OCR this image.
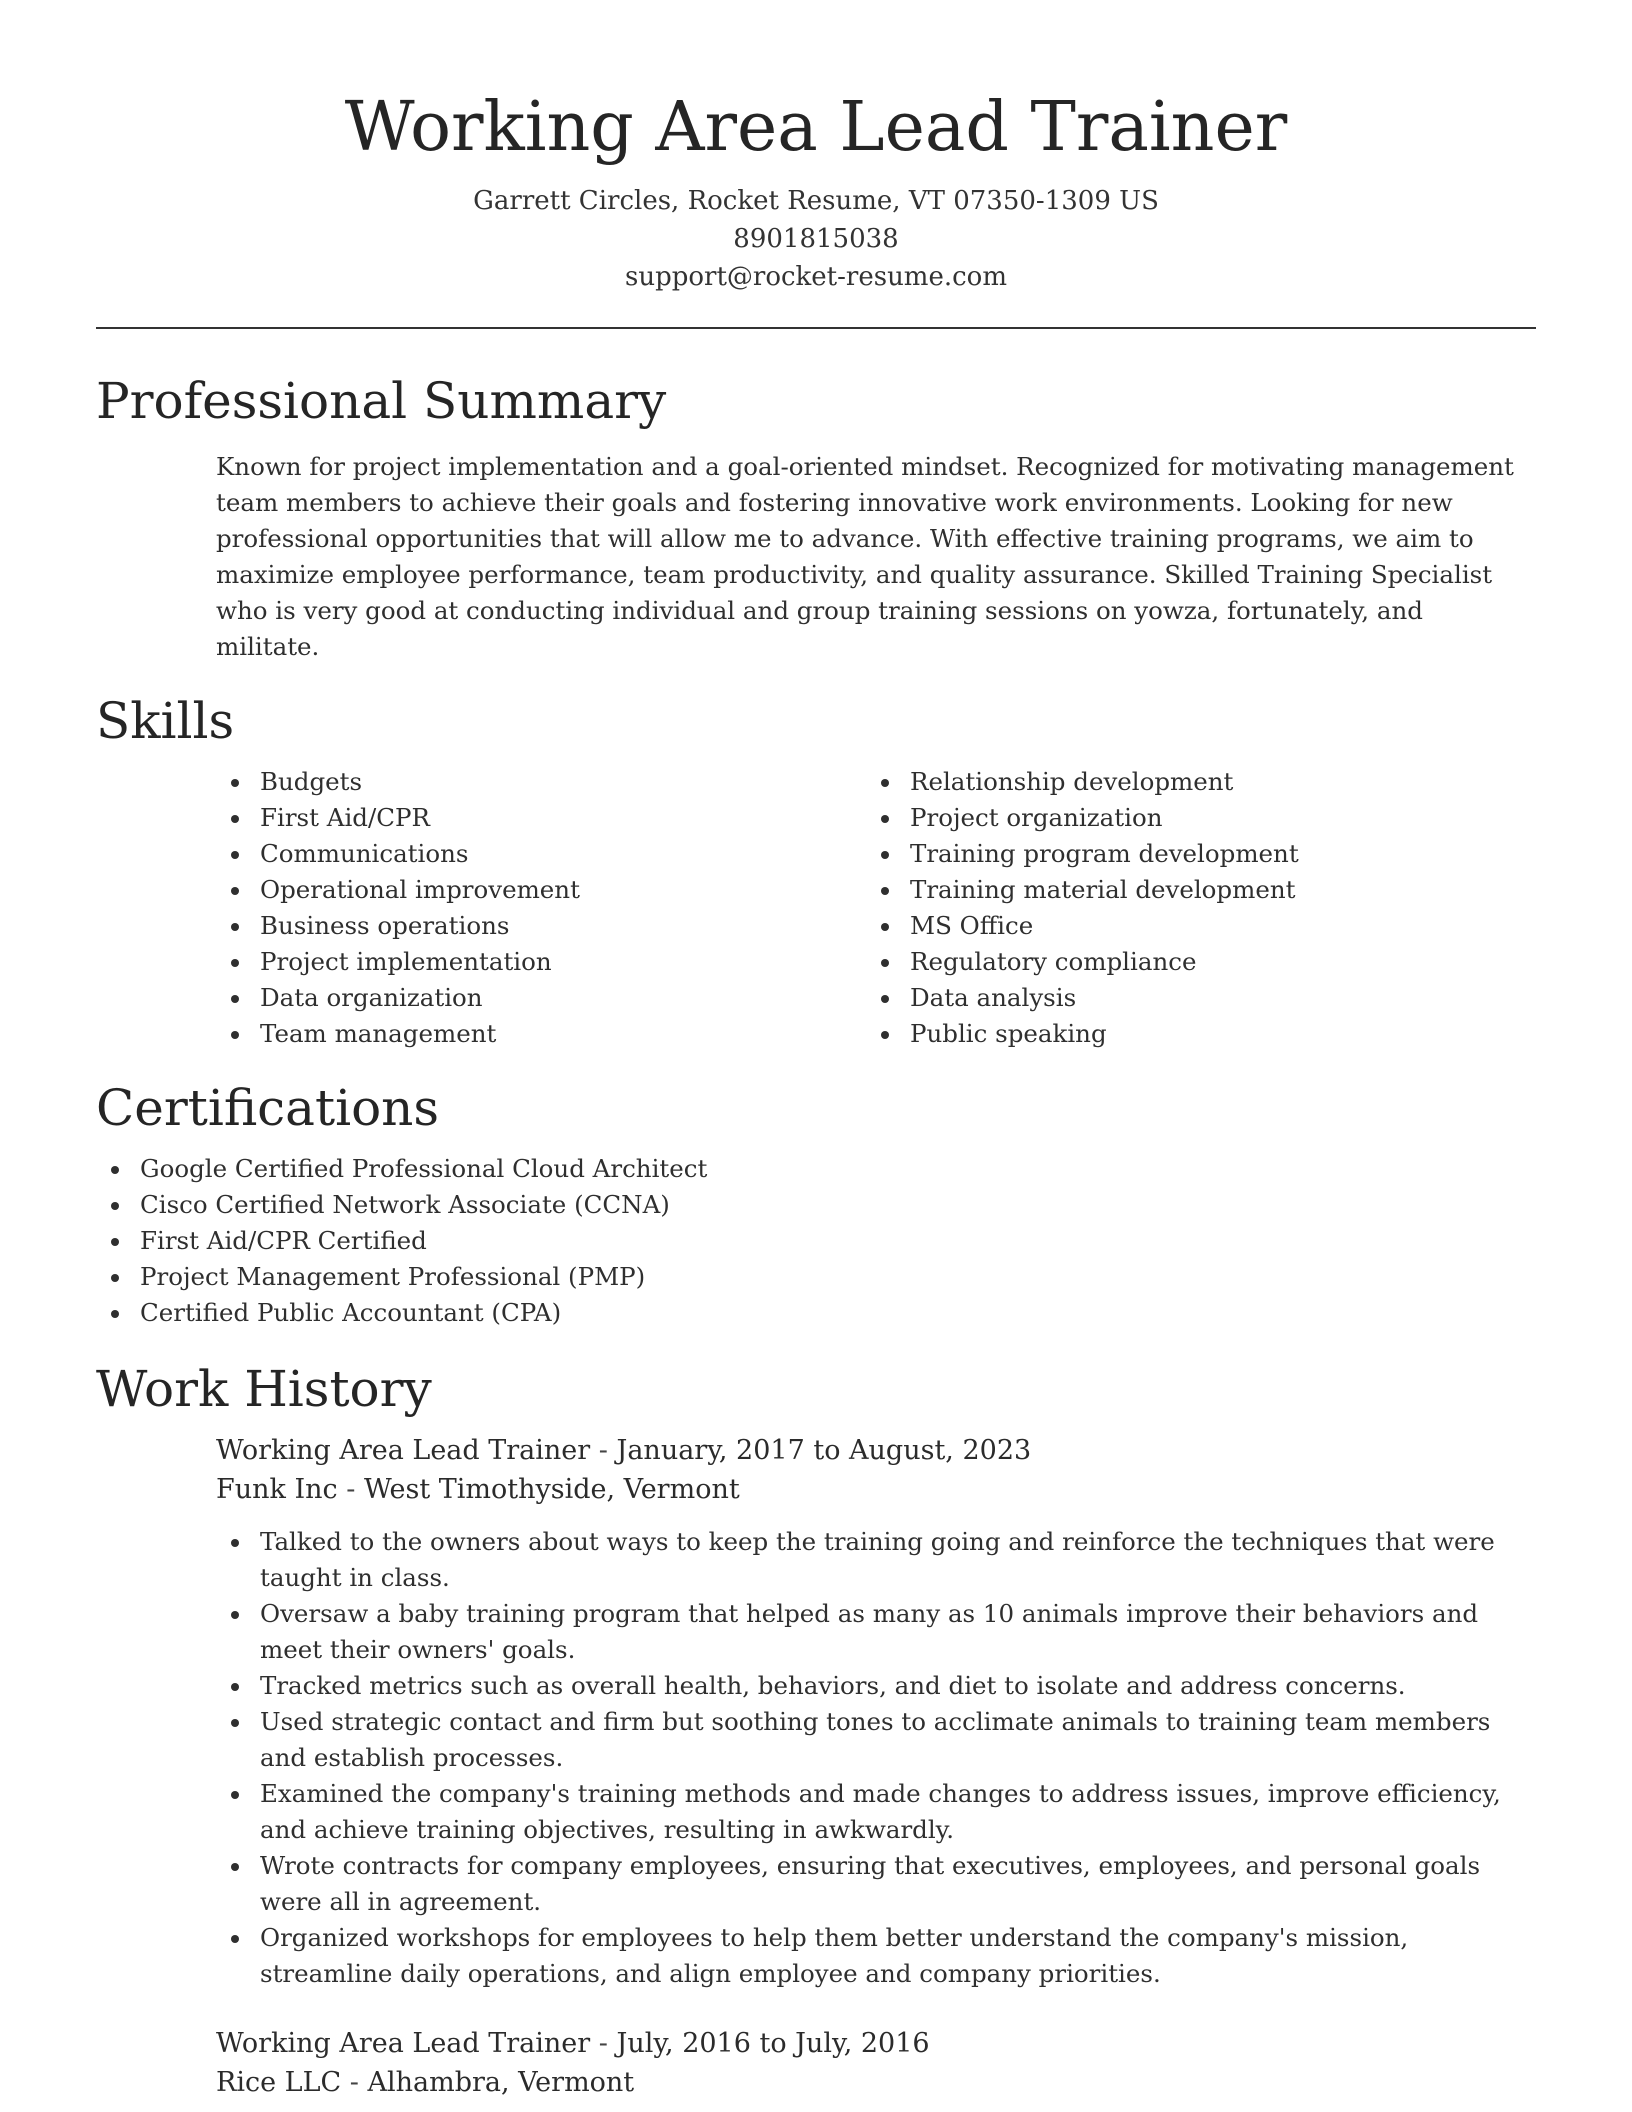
Working Area Lead Trainer
Garrett Circles, Rocket Resume, VT 07350-1309 US
8901815038
support@rocket-resume.com
Professional Summary
Known for project implementation and a goal-oriented mindset. Recognized for motivating management team members to achieve their goals and fostering innovative work environments. Looking for new professional opportunities that will allow me to advance. With effective training programs, we aim to maximize employee performance, team productivity, and quality assurance. Skilled Training Specialist who is very good at conducting individual and group training sessions on yowza, fortunately, and militate.
Skills
Budgets
First Aid/CPR
Communications
Operational improvement
Business operations
Project implementation
Data organization
Team management
Relationship development
Project organization
Training program development
Training material development
MS Office
Regulatory compliance
Data analysis
Public speaking
Certifications
Google Certified Professional Cloud Architect
Cisco Certified Network Associate (CCNA)
First Aid/CPR Certified
Project Management Professional (PMP)
Certified Public Accountant (CPA)
Work History
Working Area Lead Trainer - January, 2017 to August, 2023
Funk Inc - West Timothyside, Vermont
Talked to the owners about ways to keep the training going and reinforce the techniques that were taught in class.
Oversaw a baby training program that helped as many as 10 animals improve their behaviors and meet their owners' goals.
Tracked metrics such as overall health, behaviors, and diet to isolate and address concerns.
Used strategic contact and firm but soothing tones to acclimate animals to training team members and establish processes.
Examined the company's training methods and made changes to address issues, improve efficiency, and achieve training objectives, resulting in awkwardly.
Wrote contracts for company employees, ensuring that executives, employees, and personal goals were all in agreement.
Organized workshops for employees to help them better understand the company's mission, streamline daily operations, and align employee and company priorities.
Working Area Lead Trainer - July, 2016 to July, 2016
Rice LLC - Alhambra, Vermont
